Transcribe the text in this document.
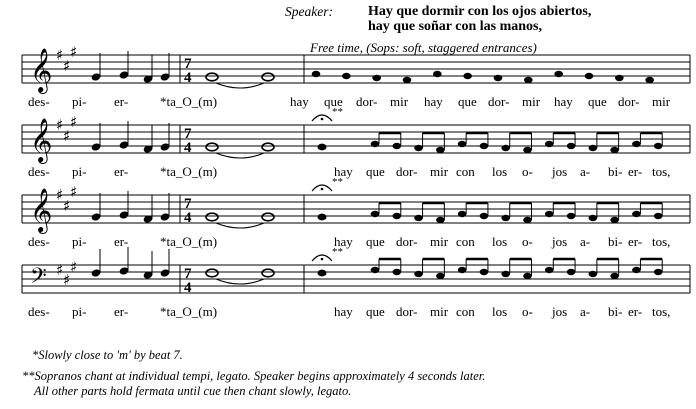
Speaker:	Hay que dormir con los ojos abiertos,
hay que soñar con las manos,
Free time, (Sops: soft, staggered entrances)
𝄞 ♯
♯
♯
7
4
𝄞 ♯
♯
♯
7
4
**
𝄞 ♯
♯
♯
7
4
**
𝄢 ♯
♯
♯	7
4
**
des- pi- er- *ta_O_(m)	hay que dor- mir hay que dor- mir hay que dor- mir
des- pi- er- *ta_O_(m)	hay que dor- mir con los o- jos a- bi- er- tos,
des- pi- er- *ta_O_(m)	hay que dor- mir con los o- jos a- bi- er- tos,
des- pi- er- *ta_O_(m)	hay que dor- mir con los o- jos a- bi- er- tos,
*Slowly close to 'm' by beat 7.
**Sopranos chant at individual tempi, legato. Speaker begins approximately 4 seconds later.
All other parts hold fermata until cue then chant slowly, legato.
